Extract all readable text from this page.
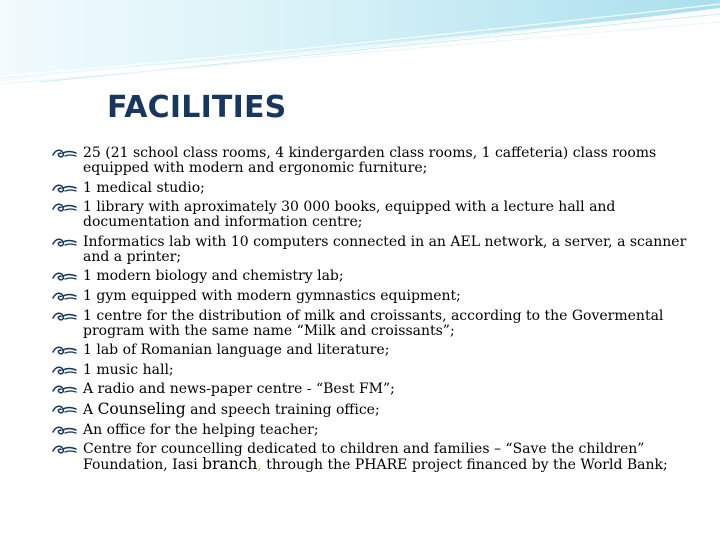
FACILITIES
25 (21 school class rooms, 4 kindergarden class rooms, 1 caffeteria) class rooms equipped with modern and ergonomic furniture;
1 medical studio;
1 library with aproximately 30 000 books, equipped with a lecture hall and documentation and information centre;
Informatics lab with 10 computers connected in an AEL network, a server, a scanner and a printer;
1 modern biology and chemistry lab;
1 gym equipped with modern gymnastics equipment;
1 centre for the distribution of milk and croissants, according to the Govermental program with the same name “Milk and croissants”;
1 lab of Romanian language and literature;
1 music hall;
A radio and news-paper centre - “Best FM”;
A Counseling and speech training office;
An office for the helping teacher;
Centre for councelling dedicated to children and families – “Save the children” Foundation, Iasi branch, through the PHARE project financed by the World Bank;
